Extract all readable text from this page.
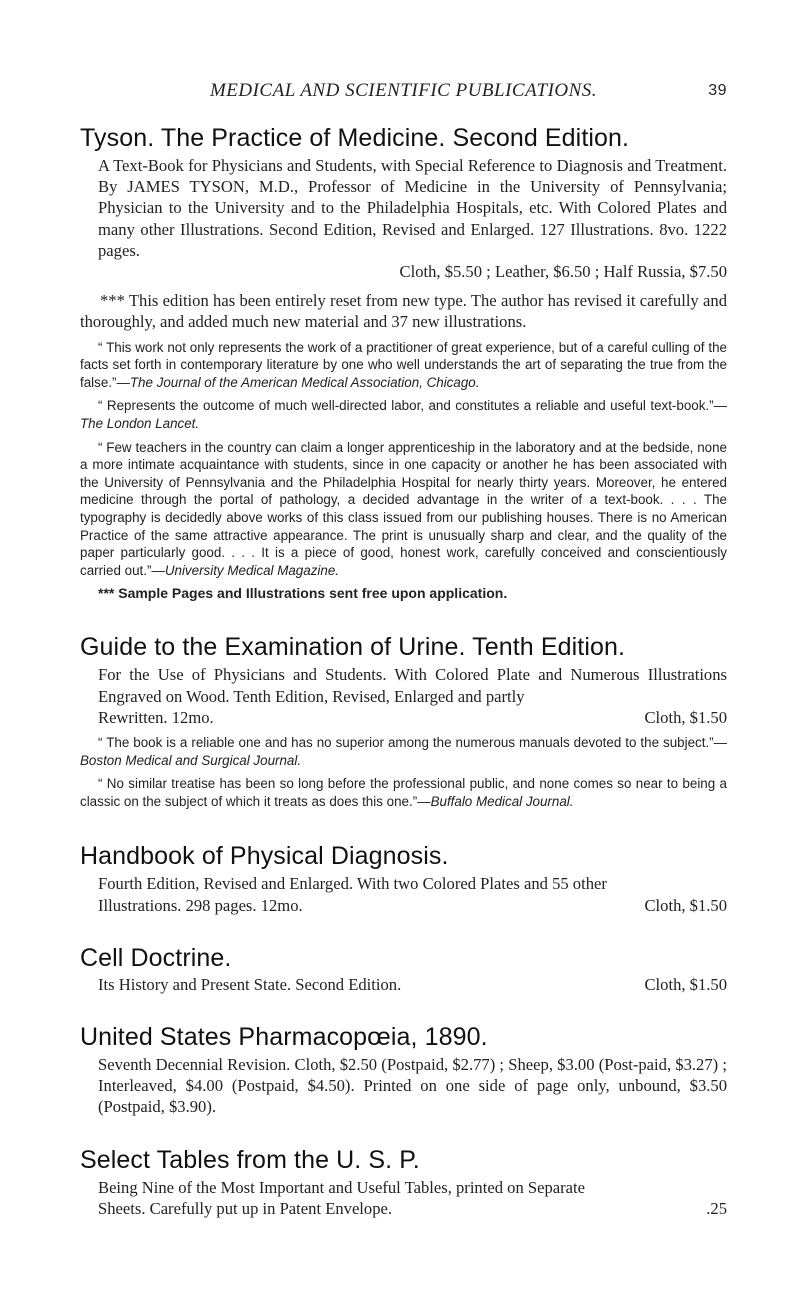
MEDICAL AND SCIENTIFIC PUBLICATIONS.	39
Tyson. The Practice of Medicine. Second Edition.

A Text-Book for Physicians and Students, with Special Reference to Diagnosis and Treatment. By JAMES TYSON, M.D., Professor of Medicine in the University of Pennsylvania; Physician to the University and to the Philadelphia Hospitals, etc. With Colored Plates and many other Illustrations. Second Edition, Revised and Enlarged. 127 Illustrations. 8vo. 1222 pages.

Cloth, $5.50 ; Leather, $6.50 ; Half Russia, $7.50

*** This edition has been entirely reset from new type. The author has revised it carefully and thoroughly, and added much new material and 37 new illustrations.

“ This work not only represents the work of a practitioner of great experience, but of a careful culling of the facts set forth in contemporary literature by one who well understands the art of separating the true from the false.”—The Journal of the American Medical Association, Chicago.

“ Represents the outcome of much well-directed labor, and constitutes a reliable and useful text-book.”—The London Lancet.

“ Few teachers in the country can claim a longer apprenticeship in the laboratory and at the bedside, none a more intimate acquaintance with students, since in one capacity or another he has been associated with the University of Pennsylvania and the Philadelphia Hospital for nearly thirty years. Moreover, he entered medicine through the portal of pathology, a decided advantage in the writer of a text-book. . . . The typography is decidedly above works of this class issued from our publishing houses. There is no American Practice of the same attractive appearance. The print is unusually sharp and clear, and the quality of the paper particularly good. . . . It is a piece of good, honest work, carefully conceived and conscientiously carried out.”—University Medical Magazine.

*** Sample Pages and Illustrations sent free upon application.

Guide to the Examination of Urine. Tenth Edition.

For the Use of Physicians and Students. With Colored Plate and Numerous Illustrations Engraved on Wood. Tenth Edition, Revised, Enlarged and partly

Rewritten. 12mo.	Cloth, $1.50

“ The book is a reliable one and has no superior among the numerous manuals devoted to the subject.”—Boston Medical and Surgical Journal.

“ No similar treatise has been so long before the professional public, and none comes so near to being a classic on the subject of which it treats as does this one.”—Buffalo Medical Journal.

Handbook of Physical Diagnosis.

Fourth Edition, Revised and Enlarged. With two Colored Plates and 55 other

Illustrations. 298 pages. 12mo.	Cloth, $1.50
Cell Doctrine.
Its History and Present State. Second Edition.	Cloth, $1.50
United States Pharmacopœia, 1890.

Seventh Decennial Revision. Cloth, $2.50 (Postpaid, $2.77) ; Sheep, $3.00 (Post-paid, $3.27) ; Interleaved, $4.00 (Postpaid, $4.50). Printed on one side of page only, unbound, $3.50 (Postpaid, $3.90).

Select Tables from the U. S. P.

Being Nine of the Most Important and Useful Tables, printed on Separate

Sheets. Carefully put up in Patent Envelope.	.25
